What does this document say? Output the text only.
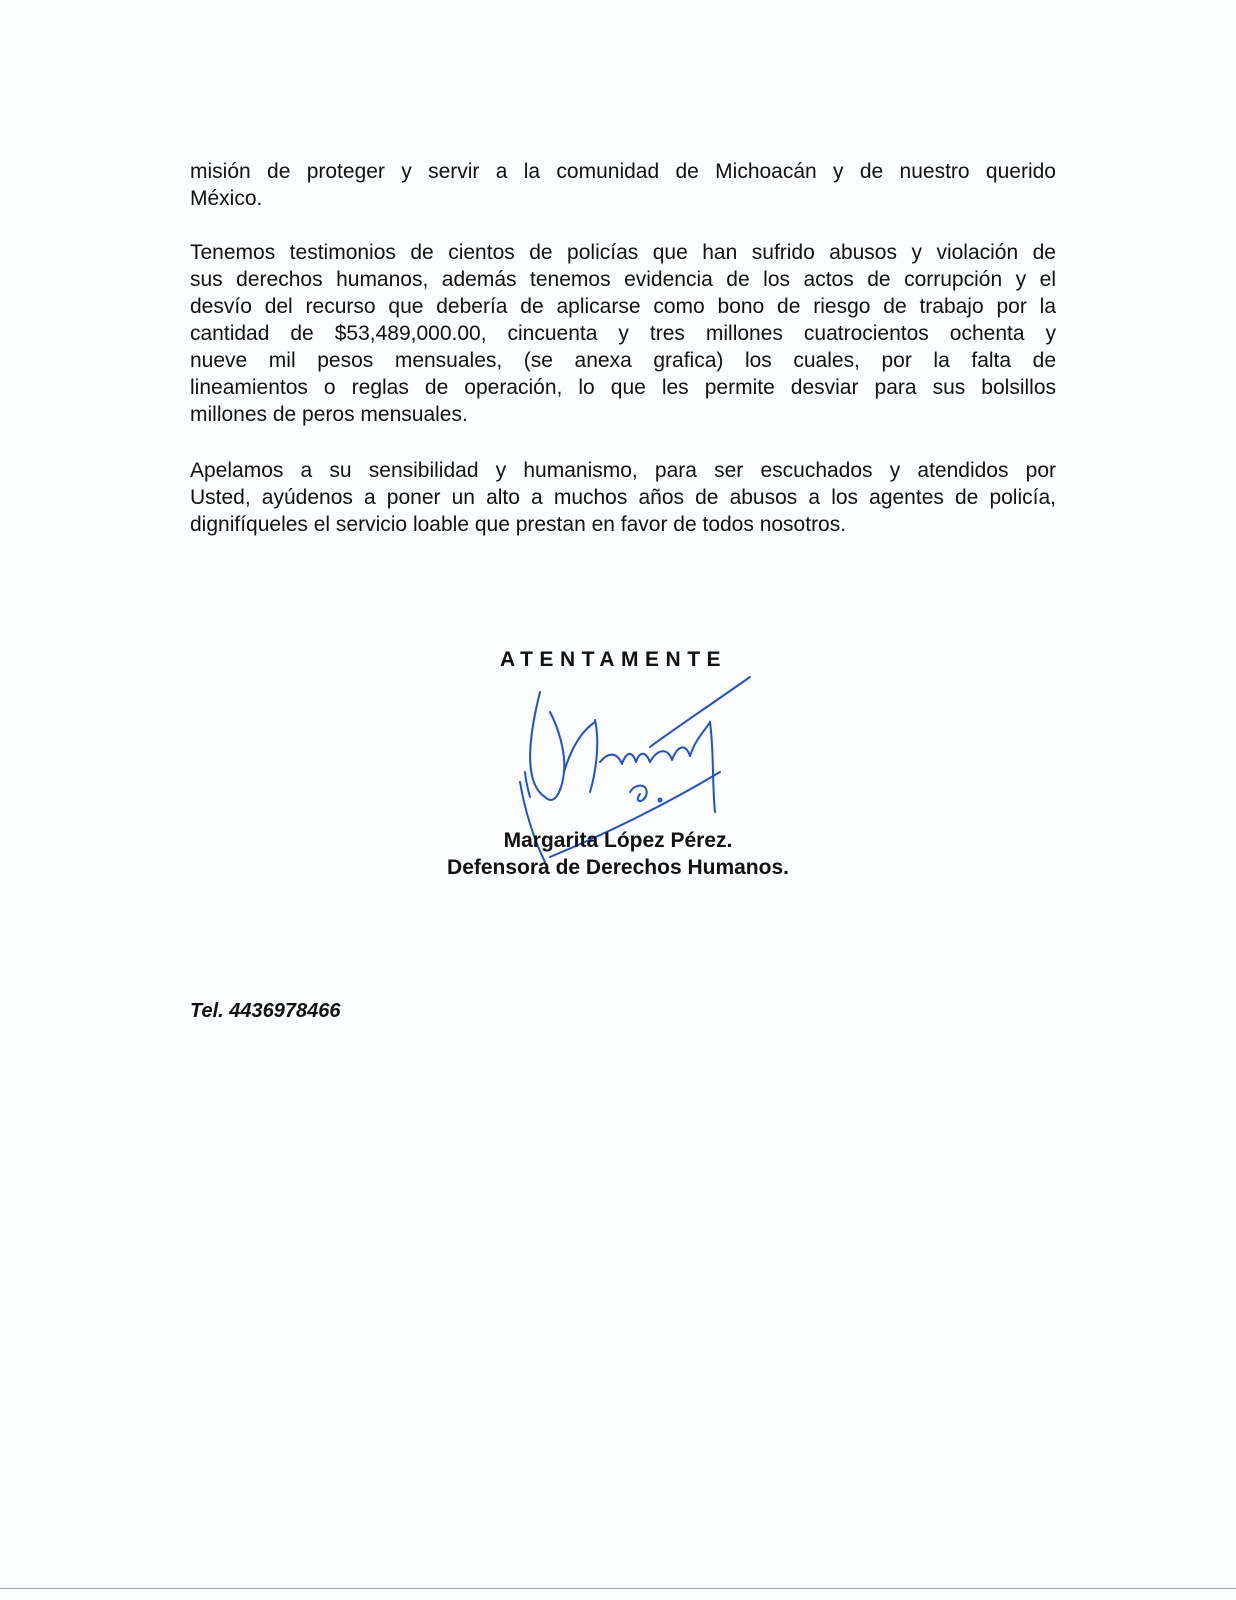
misión de proteger y servir a la comunidad de Michoacán y de nuestro querido
México.
Tenemos testimonios de cientos de policías que han sufrido abusos y violación de
sus derechos humanos, además tenemos evidencia de los actos de corrupción y el
desvío del recurso que debería de aplicarse como bono de riesgo de trabajo por la
cantidad de $53,489,000.00, cincuenta y tres millones cuatrocientos ochenta y
nueve mil pesos mensuales, (se anexa grafica) los cuales, por la falta de
lineamientos o reglas de operación, lo que les permite desviar para sus bolsillos
millones de peros mensuales.
Apelamos a su sensibilidad y humanismo, para ser escuchados y atendidos por
Usted, ayúdenos a poner un alto a muchos años de abusos a los agentes de policía,
dignifíqueles el servicio loable que prestan en favor de todos nosotros.

ATENTAMENTE

Margarita López Pérez.

Defensora de Derechos Humanos.

Tel. 4436978466
